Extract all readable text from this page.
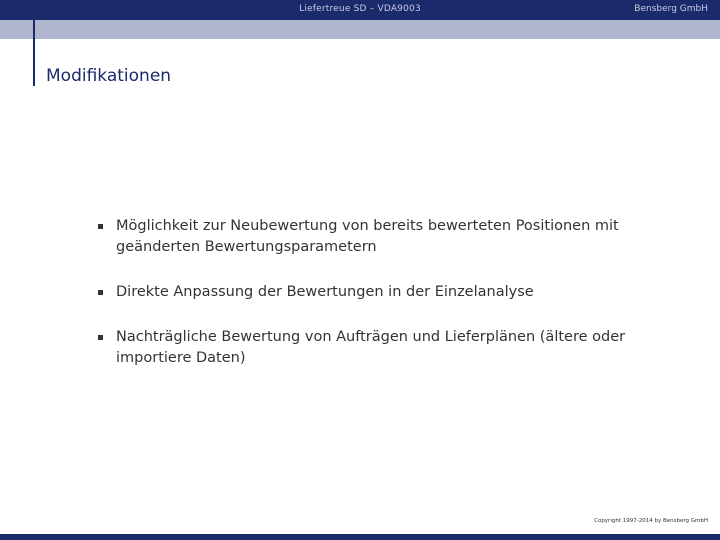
Liefertreue SD – VDA9003	Bensberg GmbH
Modifikationen
Möglichkeit zur Neubewertung von bereits bewerteten Positionen mit geänderten Bewertungsparametern
Direkte Anpassung der Bewertungen in der Einzelanalyse
Nachträgliche Bewertung von Aufträgen und Lieferplänen (ältere oder importiere Daten)
Copyright 1997-2014 by Bensberg GmbH
